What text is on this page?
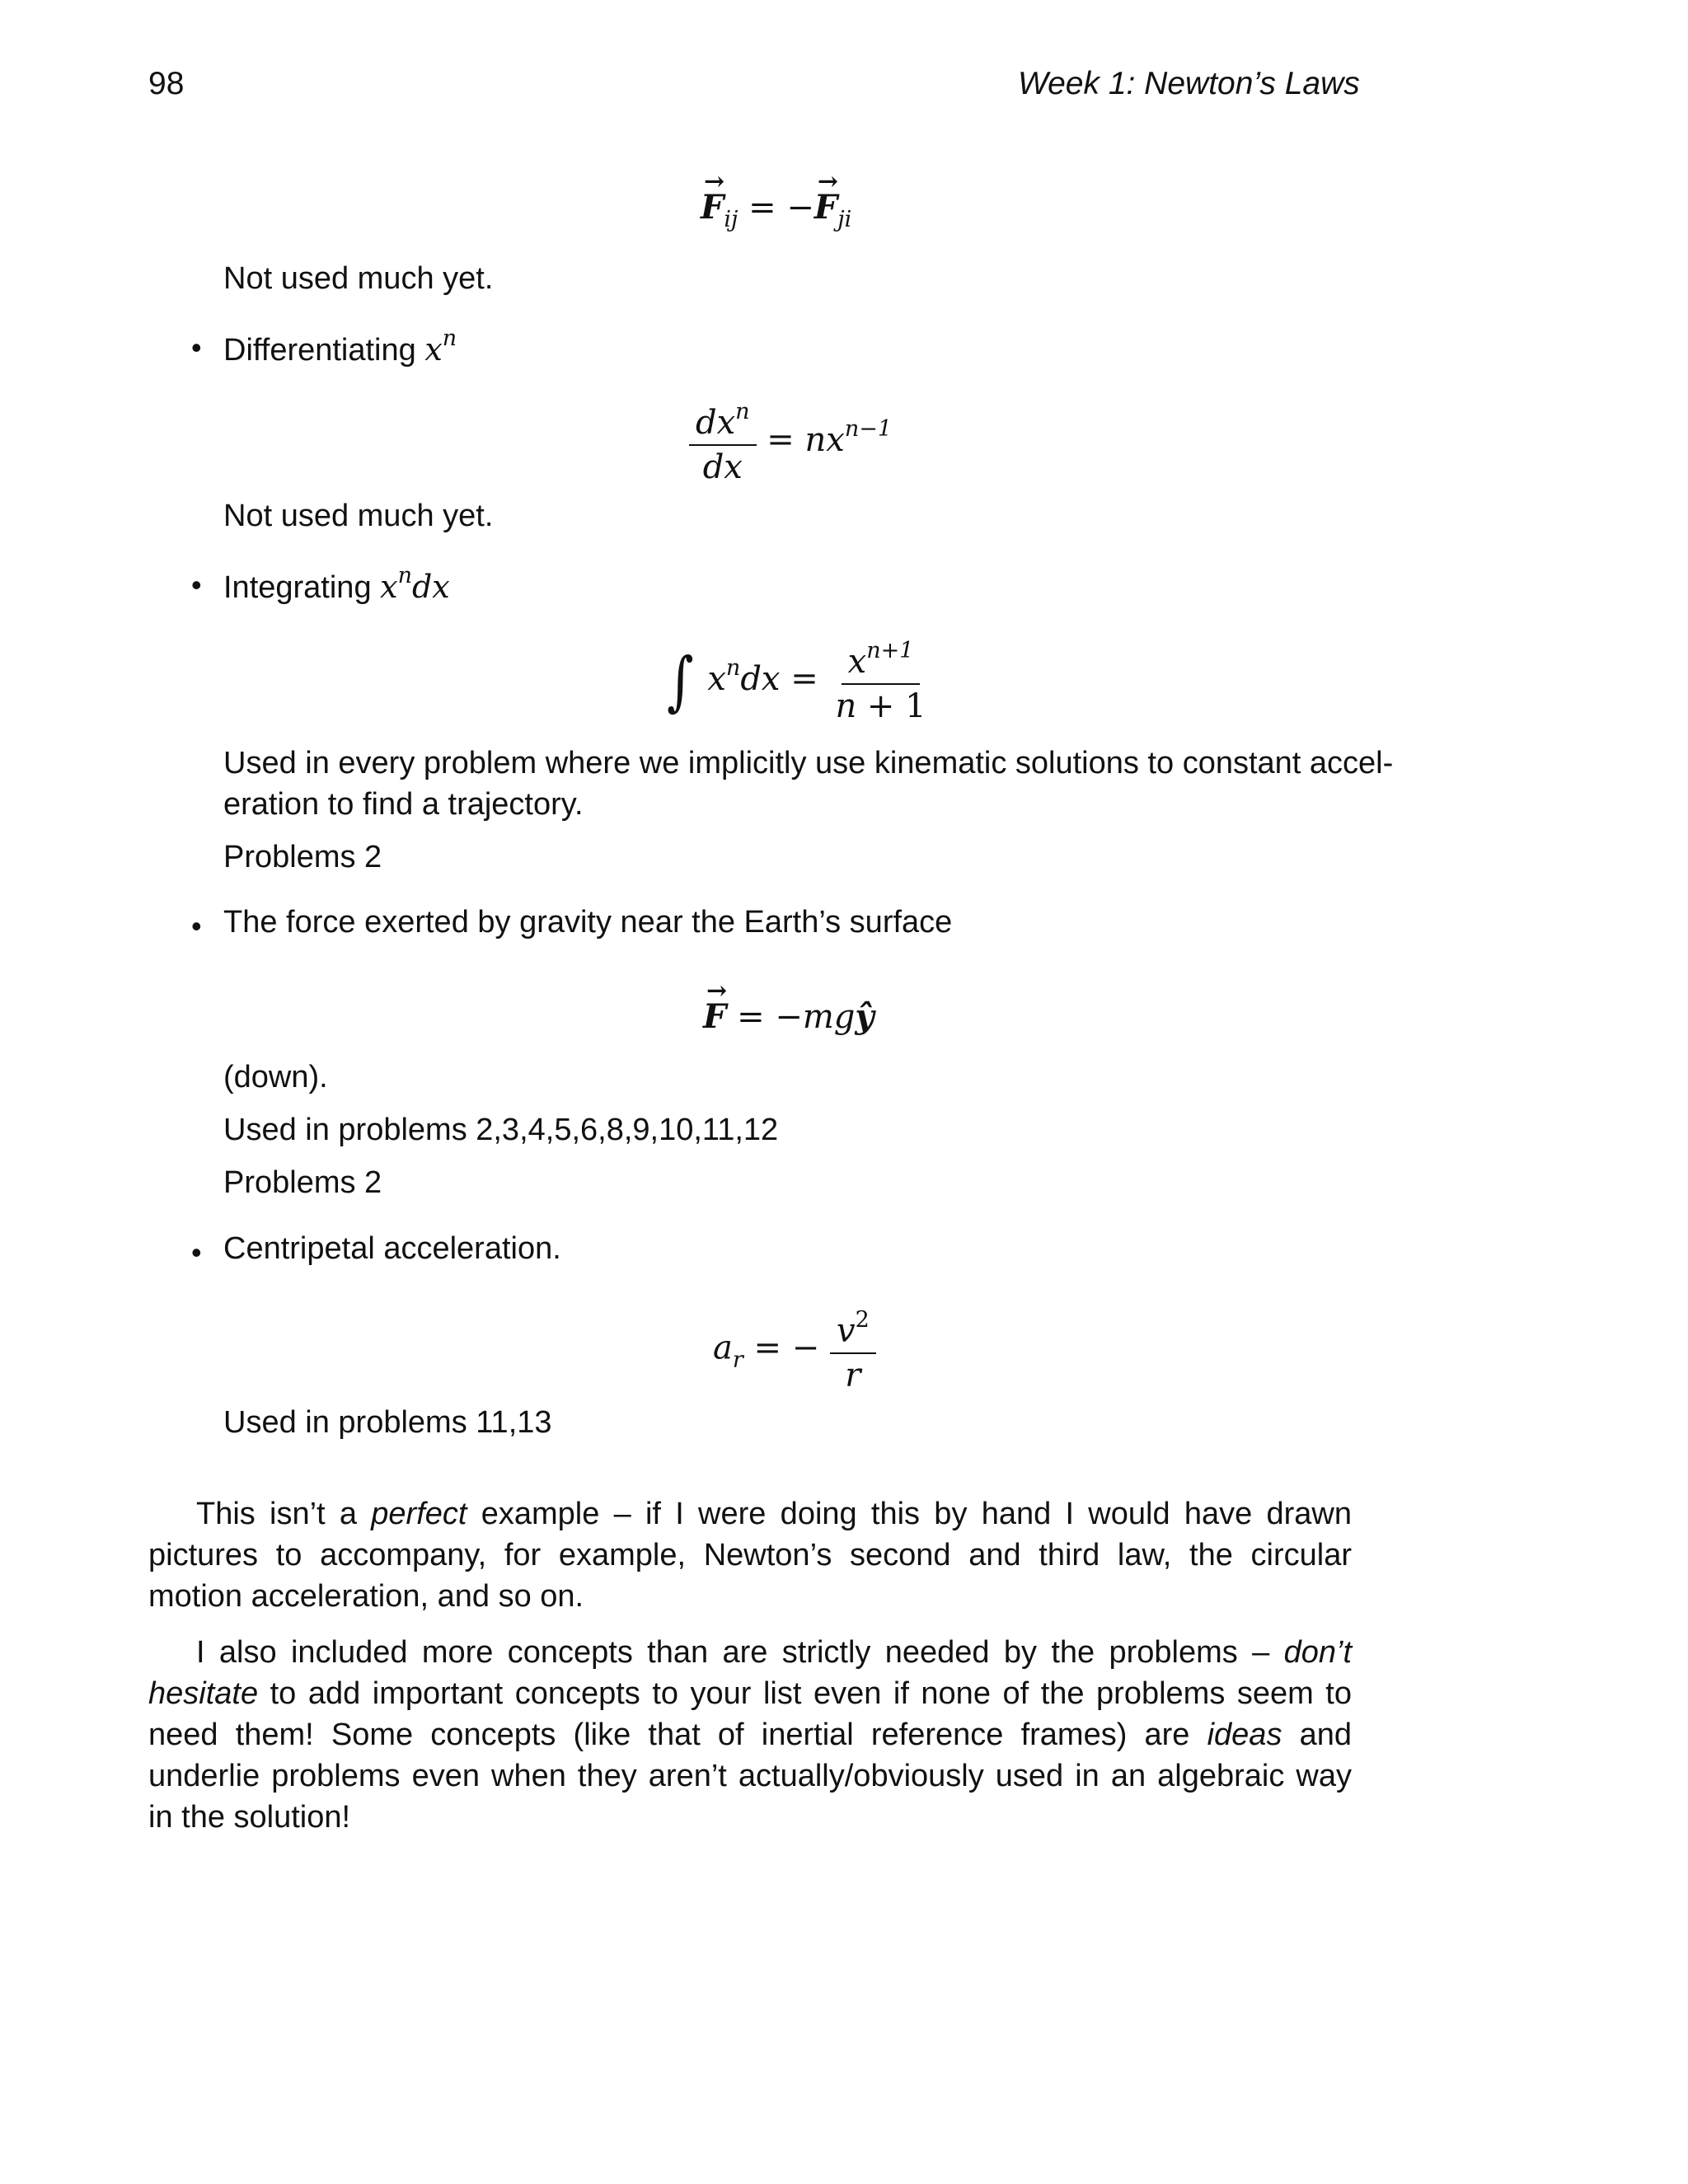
98	Week 1: Newton’s Laws
→ $F_{ij}$ = −→ $F_{ji}$
Not used much yet.
• Differentiating $x^n$
$\frac{dx^n}{dx} = nx^{n-1}$
Not used much yet.
• Integrating $x^ndx$
∫ $x^ndx = \frac{x^{n+1}}{n + 1}$
Used in every problem where we implicitly use kinematic solutions to constant accel-
eration to find a trajectory.
Problems 2
• The force exerted by gravity near the Earth’s surface
→ F = −mgŷ
(down).
Used in problems 2,3,4,5,6,8,9,10,11,12
Problems 2
• Centripetal acceleration.
$a_r$ = − $\frac{v^2}{r}$
Used in problems 11,13
This isn’t a perfect example – if I were doing this by hand I would have drawn pictures to accompany, for example, Newton’s second and third law, the circular motion acceleration, and so on.
I also included more concepts than are strictly needed by the problems – don’t hesitate to add important concepts to your list even if none of the problems seem to need them! Some concepts (like that of inertial reference frames) are ideas and underlie problems even when they aren’t actually/obviously used in an algebraic way in the solution!
